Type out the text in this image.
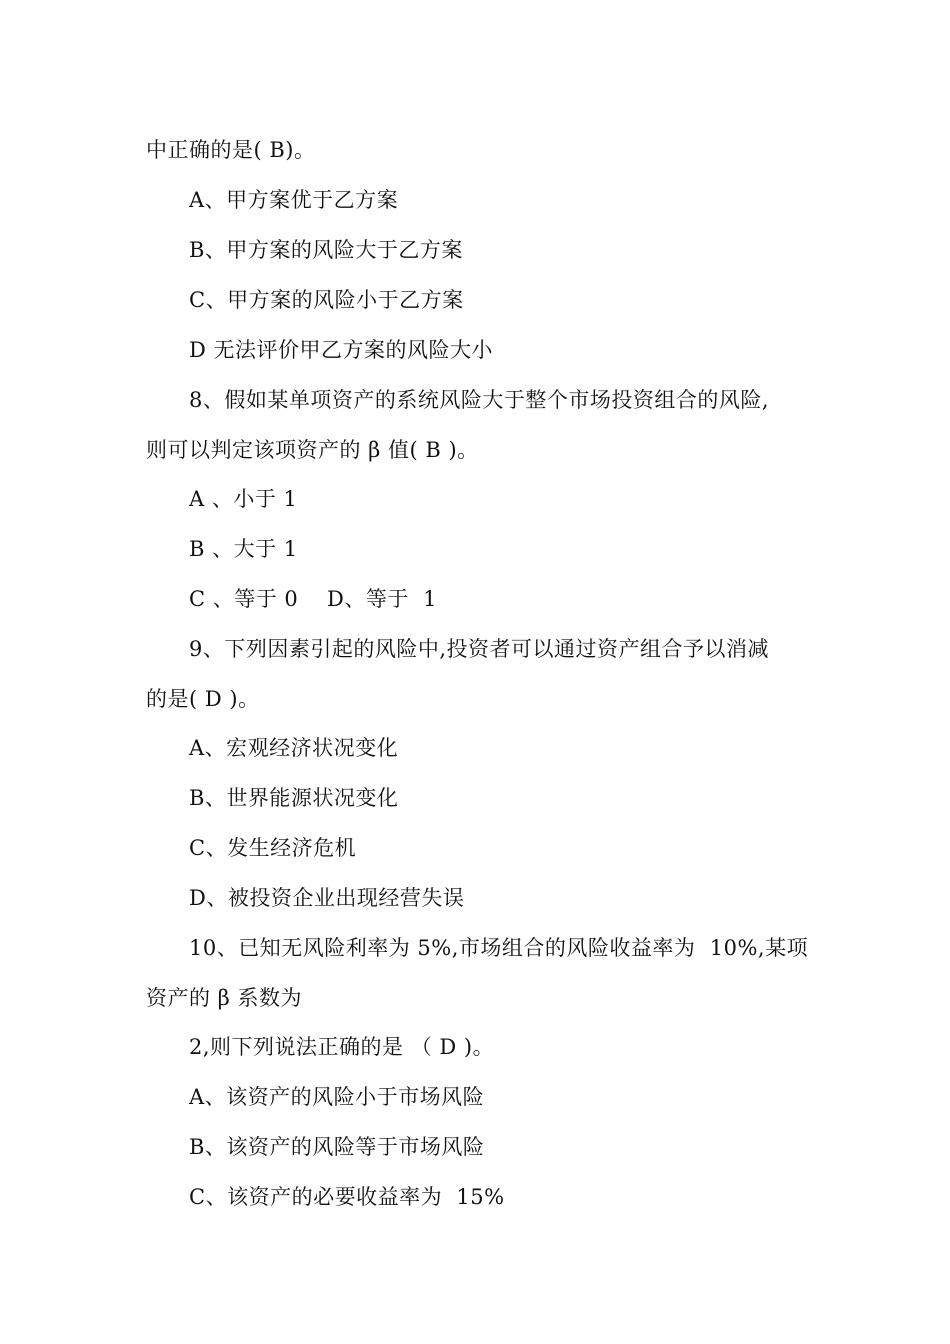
中正确的是( B)。
A、甲方案优于乙方案
B、甲方案的风险大于乙方案
C、甲方案的风险小于乙方案
D 无法评价甲乙方案的风险大小
8、假如某单项资产的系统风险大于整个市场投资组合的风险,
则可以判定该项资产的 β 值( B )。
A 、小于 1
B 、大于 1
C 、等于 0    D、等于  1
9、下列因素引起的风险中,投资者可以通过资产组合予以消减
的是( D )。
A、宏观经济状况变化
B、世界能源状况变化
C、发生经济危机
D、被投资企业出现经营失误
10、已知无风险利率为 5%,市场组合的风险收益率为  10%,某项
资产的 β 系数为
2,则下列说法正确的是 （ D )。
A、该资产的风险小于市场风险
B、该资产的风险等于市场风险
C、该资产的必要收益率为  15%
